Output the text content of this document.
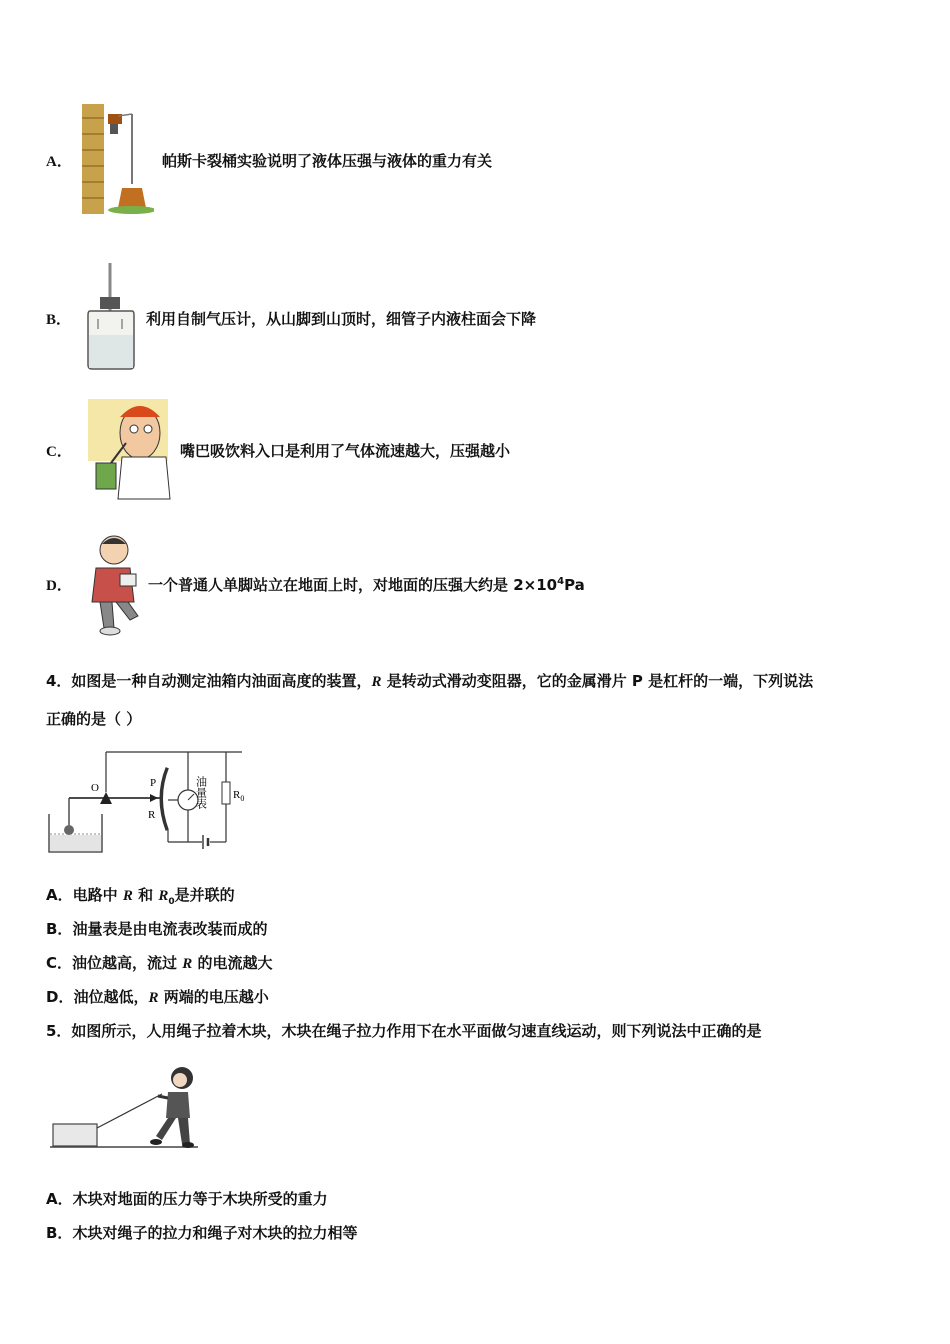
A．	帕斯卡裂桶实验说明了液体压强与液体的重力有关
B．	利用自制气压计，从山脚到山顶时，细管子内液柱面会下降
C．	嘴巴吸饮料入口是利用了气体流速越大，压强越小
D．	一个普通人单脚站立在地面上时，对地面的压强大约是 $2\times 10^4Pa$
4．如图是一种自动测定油箱内油面高度的装置，R 是转动式滑动变阻器，它的金属滑片 P 是杠杆的一端，下列说法
正确的是（ ）
O	P
R
油量表 $R_0$
A．电路中 R 和 $R_0$是并联的
B．油量表是由电流表改装而成的
C．油位越高，流过 R 的电流越大
D．油位越低，R 两端的电压越小
5．如图所示，人用绳子拉着木块，木块在绳子拉力作用下在水平面做匀速直线运动，则下列说法中正确的是
A．木块对地面的压力等于木块所受的重力
B．木块对绳子的拉力和绳子对木块的拉力相等
